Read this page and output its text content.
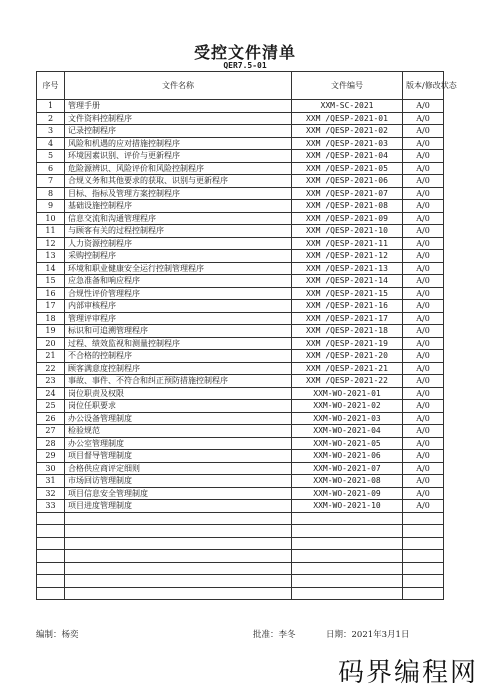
受控文件清单
QER7.5-01
序号	文件名称	文件编号	版本/修改状态
1	管理手册	XXM-SC-2021	A/0
2	文件资料控制程序	XXM /QESP-2021-01	A/0
3	记录控制程序	XXM /QESP-2021-02	A/0
4	风险和机遇的应对措施控制程序	XXM /QESP-2021-03	A/0
5	环境因素识别、评价与更新程序	XXM /QESP-2021-04	A/0
6	危险源辨识、风险评价和风险控制程序	XXM /QESP-2021-05	A/0
7	合规义务和其他要求的获取、识别与更新程序	XXM /QESP-2021-06	A/0
8	目标、指标及管理方案控制程序	XXM /QESP-2021-07	A/0
9	基础设施控制程序	XXM /QESP-2021-08	A/0
10	信息交流和沟通管理程序	XXM /QESP-2021-09	A/0
11	与顾客有关的过程控制程序	XXM /QESP-2021-10	A/0
12	人力资源控制程序	XXM /QESP-2021-11	A/0
13	采购控制程序	XXM /QESP-2021-12	A/0
14	环境和职业健康安全运行控制管理程序	XXM /QESP-2021-13	A/0
15	应急准备和响应程序	XXM /QESP-2021-14	A/0
16	合规性评价管理程序	XXM /QESP-2021-15	A/0
17	内部审核程序	XXM /QESP-2021-16	A/0
18	管理评审程序	XXM /QESP-2021-17	A/0
19	标识和可追溯管理程序	XXM /QESP-2021-18	A/0
20	过程、绩效监视和测量控制程序	XXM /QESP-2021-19	A/0
21	不合格的控制程序	XXM /QESP-2021-20	A/0
22	顾客满意度控制程序	XXM /QESP-2021-21	A/0
23	事故、事件、不符合和纠正预防措施控制程序	XXM /QESP-2021-22	A/0
24	岗位职责及权限	XXM-WO-2021-01	A/0
25	岗位任职要求	XXM-WO-2021-02	A/0
26	办公设备管理制度	XXM-WO-2021-03	A/0
27	检验规范	XXM-WO-2021-04	A/0
28	办公室管理制度	XXM-WO-2021-05	A/0
29	项目督导管理制度	XXM-WO-2021-06	A/0
30	合格供应商评定细则	XXM-WO-2021-07	A/0
31	市场回访管理制度	XXM-WO-2021-08	A/0
32	项目信息安全管理制度	XXM-WO-2021-09	A/0
33	项目进度管理制度	XXM-WO-2021-10	A/0

编制：杨奕	批准：李冬	日期：2021年3月1日
码界编程网
